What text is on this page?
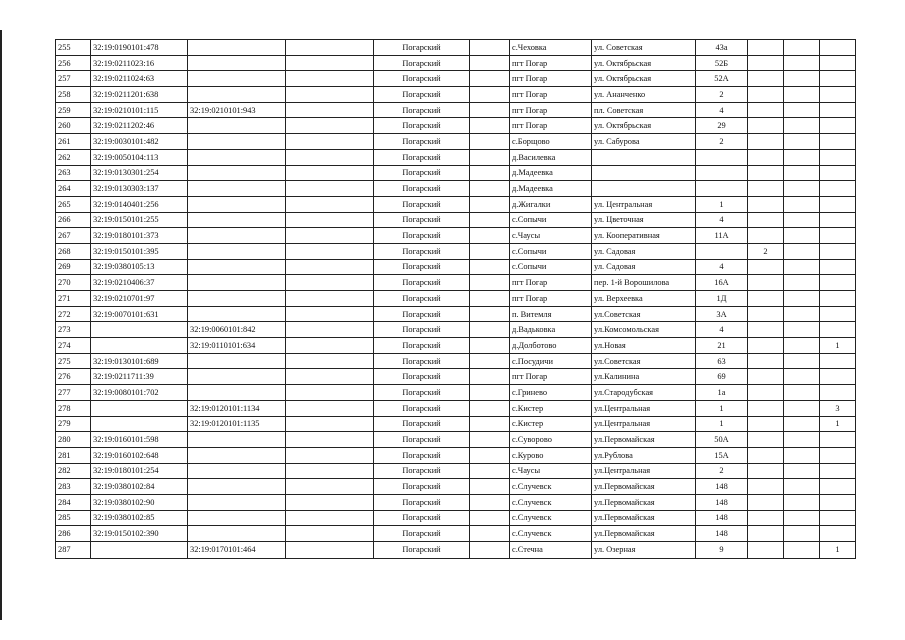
255	32:19:0190101:478			Погарский		с.Чеховка	ул. Советская	43а			
256	32:19:0211023:16			Погарский		пгт Погар	ул. Октябрьская	52Б			
257	32:19:0211024:63			Погарский		пгт Погар	ул. Октябрьская	52А			
258	32:19:0211201:638			Погарский		пгт Погар	ул. Ананченко	2			
259	32:19:0210101:115	32:19:0210101:943		Погарский		пгт Погар	пл. Советская	4			
260	32:19:0211202:46			Погарский		пгт Погар	ул. Октябрьская	29			
261	32:19:0030101:482			Погарский		с.Борщово	ул. Сабурова	2			
262	32:19:0050104:113			Погарский		д.Василевка					
263	32:19:0130301:254			Погарский		д.Мадеевка					
264	32:19:0130303:137			Погарский		д.Мадеевка					
265	32:19:0140401:256			Погарский		д.Жигалки	ул. Центральная	1			
266	32:19:0150101:255			Погарский		с.Сопычи	ул. Цветочная	4			
267	32:19:0180101:373			Погарский		с.Чаусы	ул. Кооперативная	11А			
268	32:19:0150101:395			Погарский		с.Сопычи	ул. Садовая		2		
269	32:19:0380105:13			Погарский		с.Сопычи	ул. Садовая	4			
270	32:19:0210406:37			Погарский		пгт Погар	пер. 1-й Ворошилова	16А			
271	32:19:0210701:97			Погарский		пгт Погар	ул. Верхеевка	1Д			
272	32:19:0070101:631			Погарский		п. Витемля	ул.Советская	3А			
273		32:19:0060101:842		Погарский		д.Вадьковка	ул.Комсомольская	4			
274		32:19:0110101:634		Погарский		д.Долботово	ул.Новая	21			1
275	32:19:0130101:689			Погарский		с.Посудичи	ул.Советская	63			
276	32:19:0211711:39			Погарский		пгт Погар	ул.Калинина	69			
277	32:19:0080101:702			Погарский		с.Гринево	ул.Стародубская	1а			
278		32:19:0120101:1134		Погарский		с.Кистер	ул.Центральная	1			3
279		32:19:0120101:1135		Погарский		с.Кистер	ул.Центральная	1			1
280	32:19:0160101:598			Погарский		с.Суворово	ул.Первомайская	50А			
281	32:19:0160102:648			Погарский		с.Курово	ул.Рублова	15А			
282	32:19:0180101:254			Погарский		с.Чаусы	ул.Центральная	2			
283	32:19:0380102:84			Погарский		с.Случевск	ул.Первомайская	148			
284	32:19:0380102:90			Погарский		с.Случевск	ул.Первомайская	148			
285	32:19:0380102:85			Погарский		с.Случевск	ул.Первомайская	148			
286	32:19:0150102:390			Погарский		с.Случевск	ул.Первомайская	148			
287		32:19:0170101:464		Погарский		с.Стечна	ул. Озерная	9			1
